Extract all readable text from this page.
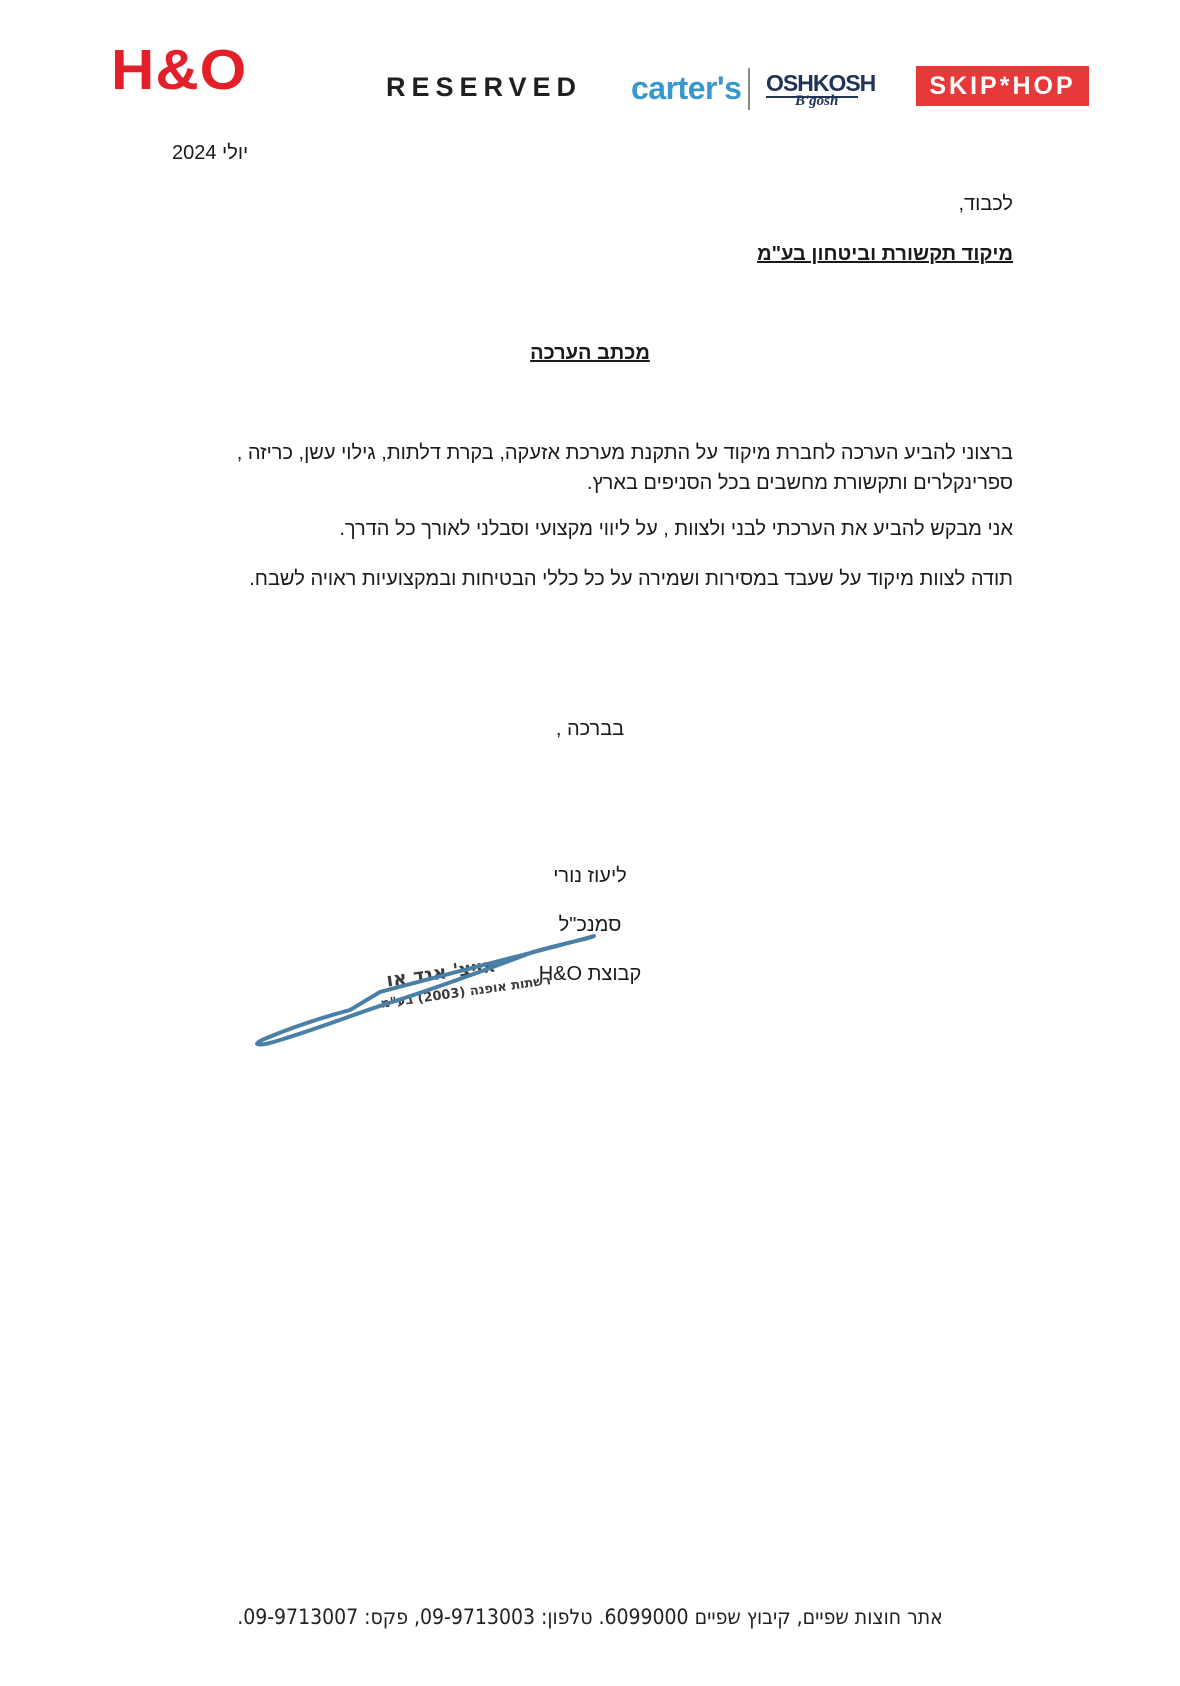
H&O	RESERVED carter's OSHKOSH
B'gosh
SKIP*HOP
יולי 2024
לכבוד,
מיקוד תקשורת וביטחון בע"מ
מכתב הערכה
ברצוני להביע הערכה לחברת מיקוד על התקנת מערכת אזעקה, בקרת דלתות, גילוי עשן, כריזה , ספרינקלרים ותקשורת מחשבים בכל הסניפים בארץ.
אני מבקש להביע את הערכתי לבני ולצוות , על ליווי מקצועי וסבלני לאורך כל הדרך.
תודה לצוות מיקוד על שעבד במסירות ושמירה על כל כללי הבטיחות ובמקצועיות ראויה לשבח.
בברכה ,
ליעוז נורי
סמנכ"ל
קבוצת H&O
אייצ' אנד או
רשתות אופנה (2003) בע"מ
אתר חוצות שפיים, קיבוץ שפיים 6099000. טלפון: 09-9713003, פקס: 09-9713007.
